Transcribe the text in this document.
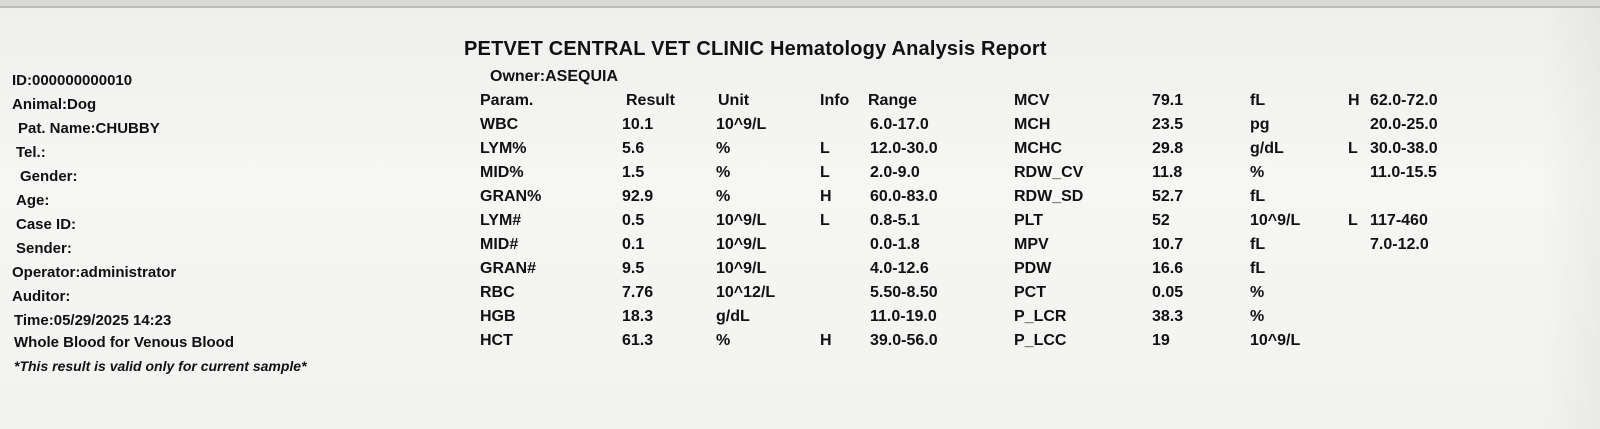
PETVET CENTRAL VET CLINIC Hematology Analysis Report
Owner:ASEQUIA
ID:000000000010
Animal:Dog
Pat. Name:CHUBBY
Tel.:
Gender:
Age:
Case ID:
Sender:
Operator:administrator
Auditor:
Time:05/29/2025 14:23
Whole Blood for Venous Blood
*This result is valid only for current sample*
Param.	Result	Unit	Info Range
WBC	10.1	10^9/L	6.0-17.0
LYM%	5.6	%	L	12.0-30.0
MID%	1.5	%	L	2.0-9.0
GRAN%	92.9	%	H 60.0-83.0
LYM#	0.5	10^9/L	L	0.8-5.1
MID#	0.1	10^9/L	0.0-1.8
GRAN#	9.5	10^9/L	4.0-12.6
RBC	7.76	10^12/L	5.50-8.50
HGB	18.3	g/dL	11.0-19.0
HCT	61.3	%	H 39.0-56.0
MCV	79.1	fL	H 62.0-72.0
MCH	23.5	pg	20.0-25.0
MCHC	29.8	g/dL	L 30.0-38.0
RDW_CV	11.8	%	11.0-15.5
RDW_SD	52.7	fL
PLT	52	10^9/L	L 117-460
MPV	10.7	fL	7.0-12.0
PDW	16.6	fL
PCT	0.05	%
P_LCR	38.3	%
P_LCC	19	10^9/L
